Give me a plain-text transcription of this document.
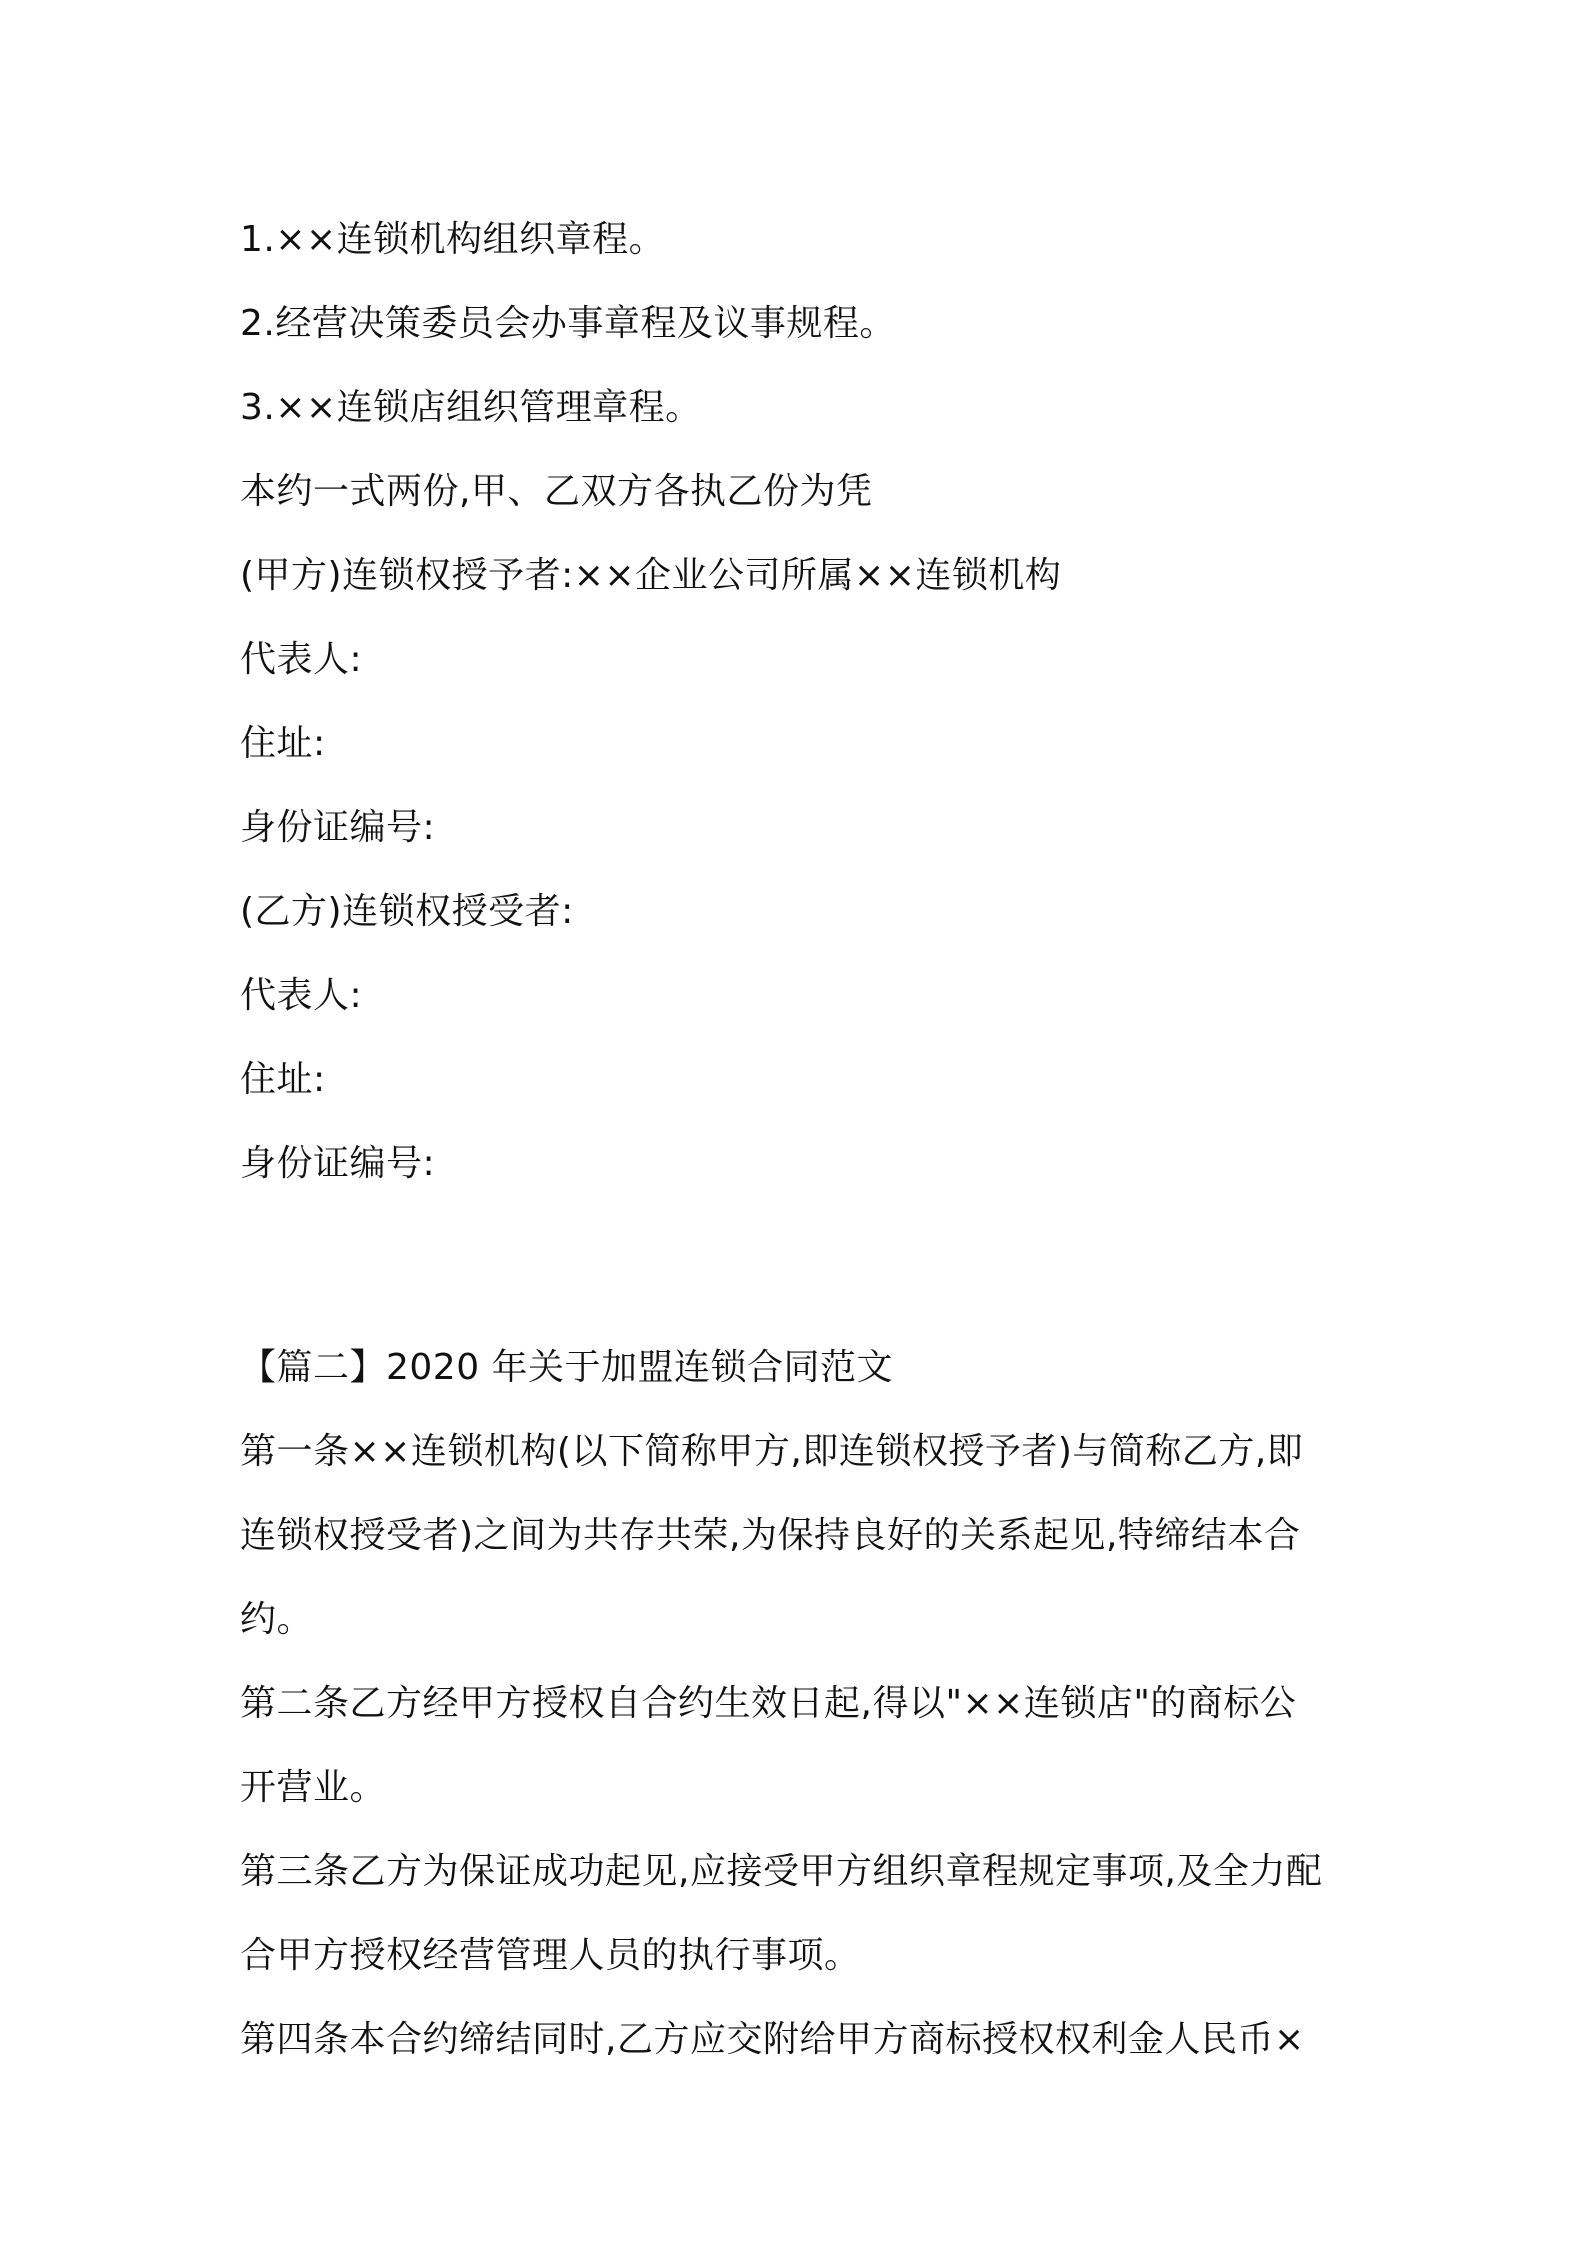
1.××连锁机构组织章程。
2.经营决策委员会办事章程及议事规程。
3.××连锁店组织管理章程。
本约一式两份,甲、乙双方各执乙份为凭
(甲方)连锁权授予者:××企业公司所属××连锁机构
代表人:
住址:
身份证编号:
(乙方)连锁权授受者:
代表人:
住址:
身份证编号:
【篇二】2020 年关于加盟连锁合同范文
第一条××连锁机构(以下简称甲方,即连锁权授予者)与简称乙方,即
连锁权授受者)之间为共存共荣,为保持良好的关系起见,特缔结本合
约。
第二条乙方经甲方授权自合约生效日起,得以"××连锁店"的商标公
开营业。
第三条乙方为保证成功起见,应接受甲方组织章程规定事项,及全力配
合甲方授权经营管理人员的执行事项。
第四条本合约缔结同时,乙方应交附给甲方商标授权权利金人民币×
